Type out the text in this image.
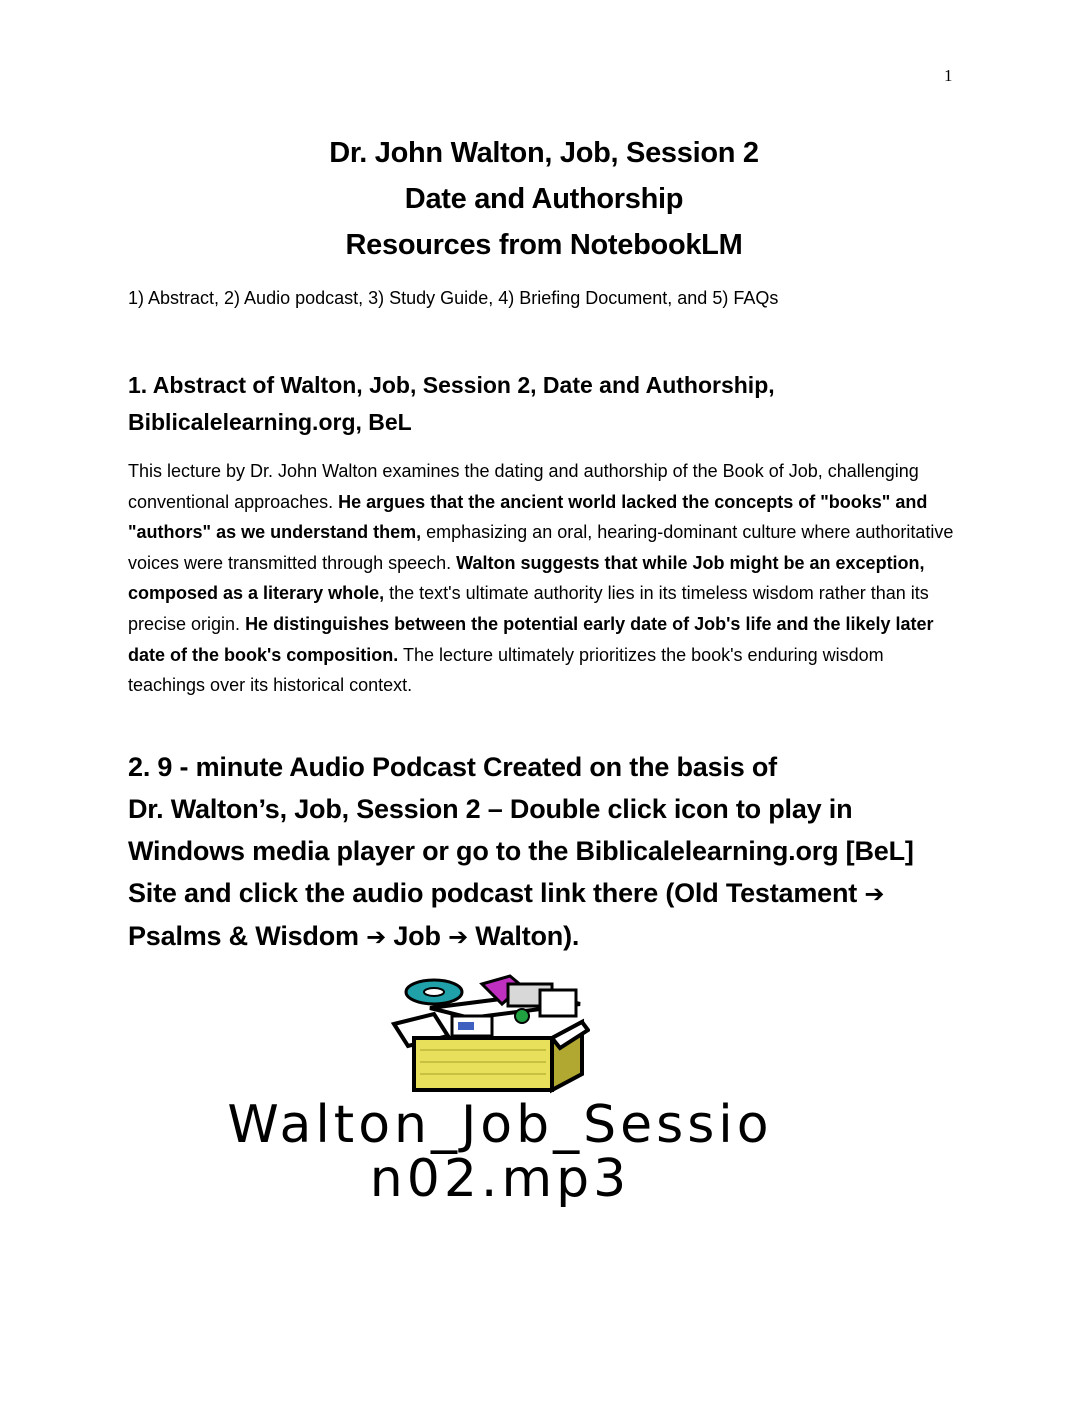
1
Dr. John Walton, Job, Session 2
Date and Authorship
Resources from NotebookLM
1) Abstract, 2) Audio podcast, 3) Study Guide, 4) Briefing Document, and 5) FAQs
1. Abstract of Walton, Job, Session 2, Date and Authorship,
Biblicalelearning.org, BeL
This lecture by Dr. John Walton examines the dating and authorship of the Book of Job, challenging conventional approaches. He argues that the ancient world lacked the concepts of "books" and "authors" as we understand them, emphasizing an oral, hearing-dominant culture where authoritative voices were transmitted through speech. Walton suggests that while Job might be an exception, composed as a literary whole, the text's ultimate authority lies in its timeless wisdom rather than its precise origin. He distinguishes between the potential early date of Job's life and the likely later date of the book's composition. The lecture ultimately prioritizes the book's enduring wisdom teachings over its historical context.
2. 9 - minute Audio Podcast Created on the basis of
Dr. Walton’s, Job, Session 2 – Double click icon to play in
Windows media player or go to the Biblicalelearning.org [BeL]
Site and click the audio podcast link there (Old Testament ➔
Psalms & Wisdom ➔ Job ➔ Walton).
Walton_Job_Sessio
n02.mp3
